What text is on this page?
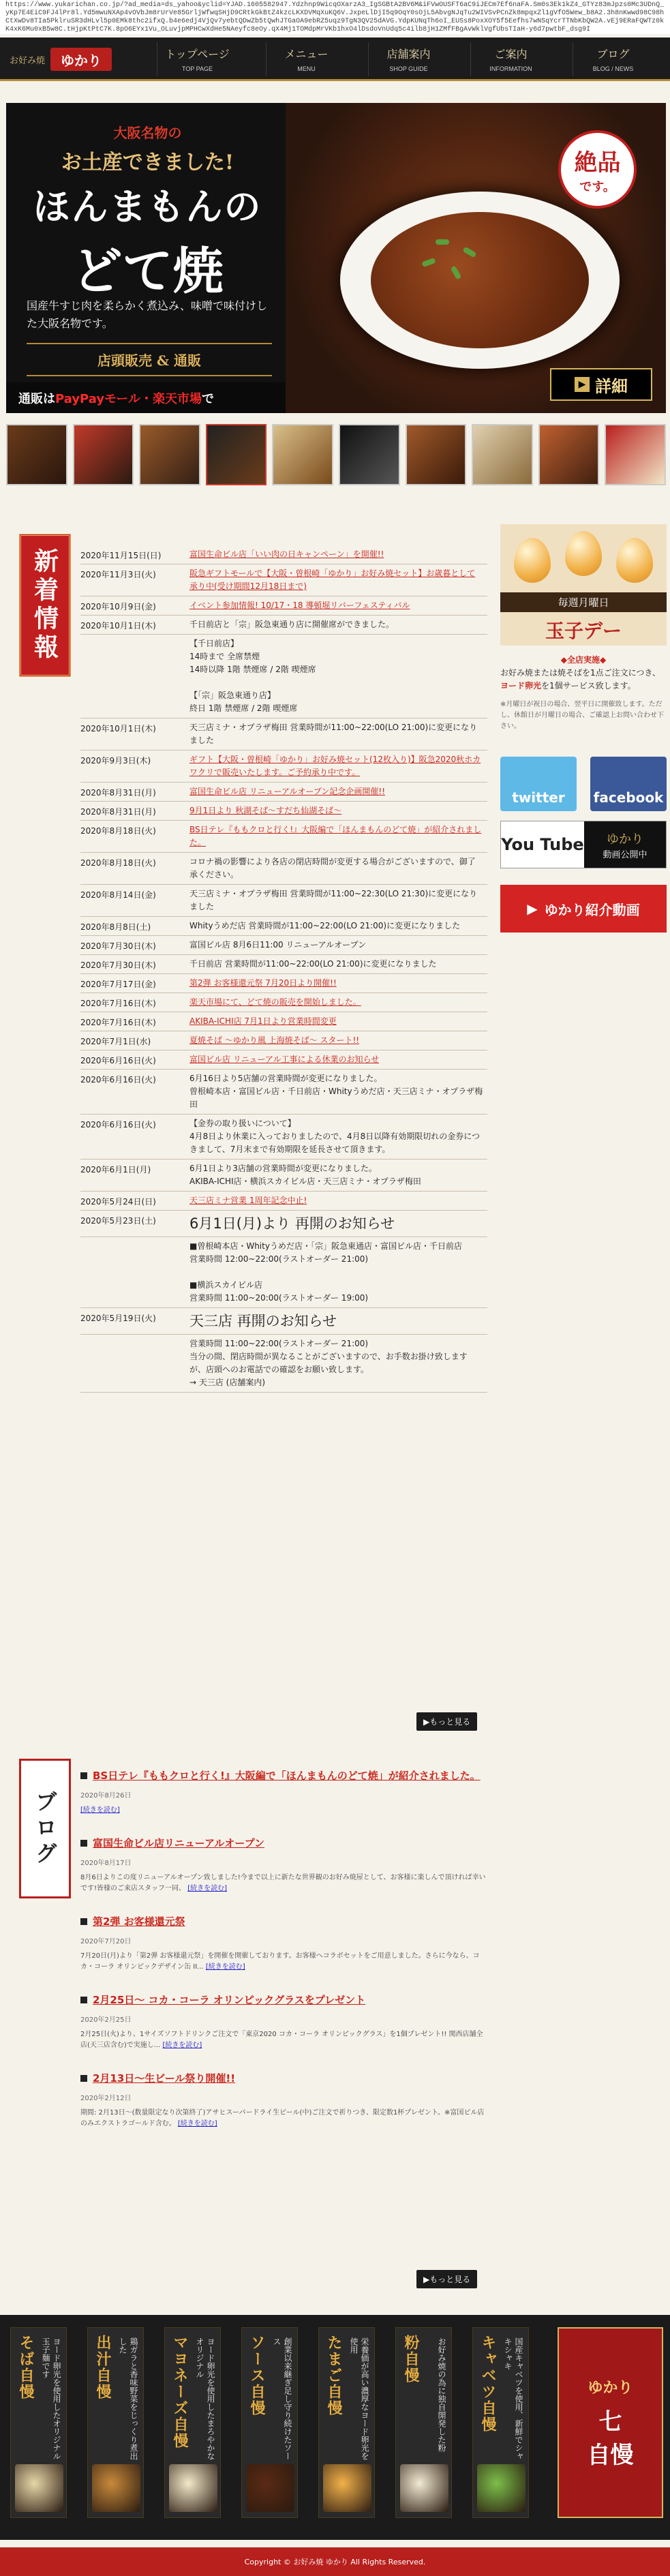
https://www.yukarichan.co.jp/?ad_media=ds_yahoo&yclid=YJAD.1605582947.Ydzhnp9WicqOXarzA3_IgSGBtA2BV6M&iFVwOUSFT6aC9iJECm7Ef6naFA.Sm0s3Ek1kZ4_GTYz83mJpzs0Mc3UDnQ_yKp7E4EiC9FJ4lPr8l.Yd5mwuNXAp4vOVbJm8rUrVe85GrljWfwqSHjD9CRtkGkBtZ4kzcLKXDVMqXuKQ6V.JxpeLlDjI5q9OqY0sOjL5AbvgNJqTu2WIVSvPCnZk8mpqxZl1gVfO5Wew_b8A2.3h8nKwwd98C98hCtXwDv8TIa5PklruSR3dHLvl5p0EMk8thc2ifxQ.b4e6edj4VjQv7yebtQDwZb5tQwhJTGaOA9ebRZ5uqz9TgN3QV25dAVG.YdpKUNqTh6oI_EUSs8PoxXOY5f5Eefhs7wNSqYcrTTNbKbQW2A.vEj9ERaFQWTz0kK4xK6Mu0xB5w8C.tHjpKtPtC7K.8pO6EYx1Vu_OLuvjpMPHCwXdHe5NAeyfc8eOy.qX4Mj1TOMdpMrVKb1hxO4lDsdoVnUdq5c4ilb8jH1ZMfFBgAvWklVgfUbsTIaH-y6d7pwtbF_dsg9I
お好み焼	ゆかり	トップページ
TOP PAGE
メニュー
MENU
店舗案内
SHOP GUIDE
ご案内
INFORMATION
ブログ
BLOG / NEWS
大阪名物の
お土産できました!
ほんまもんの
どて焼
国産牛すじ肉を柔らかく煮込み、味噌で味付けした大阪名物です。
店頭販売 & 通販
通販はPayPayモール・楽天市場で
絶品
です。
▶ 詳細
新着情報	2020年11月15日(日)	富国生命ビル店「いい肉の日キャンペーン」を開催!!
2020年11月3日(火)	阪急ギフトモールで【大阪・曽根崎「ゆかり」お好み焼セット】お歳暮として承り中(受け期間12月18日まで)
2020年10月9日(金)	イベント参加情報! 10/17・18 導頓堀リバーフェスティバル
2020年10月1日(木)	千日前店と「宗」阪急東通り店に開催席ができました。
【千日前店】
14時まで 全席禁煙
14時以降 1階 禁煙席 / 2階 喫煙席

【「宗」阪急東通り店】
終日 1階 禁煙席 / 2階 喫煙席
2020年10月1日(木)	天三店ミナ・オプラザ梅田 営業時間が11:00~22:00(LO 21:00)に変更になりました
2020年9月3日(木)	ギフト【大阪・曽根崎「ゆかり」お好み焼セット(12枚入り)】阪急2020秋ホカワクリで販売いたします。ご予約承り中です。
2020年8月31日(月)	富国生命ビル店 リニューアルオープン記念企画開催!!
2020年8月31日(月)	9月1日より 秋湖そば～すだち仙湖そば～
2020年8月18日(火)	BS日テレ『ももクロと行く!』大阪編で「ほんまもんのどて焼」が紹介されました。
2020年8月18日(火)	コロナ禍の影響により各店の閉店時間が変更する場合がございますので、御了承ください。
2020年8月14日(金)	天三店ミナ・オプラザ梅田 営業時間が11:00~22:30(LO 21:30)に変更になりました
2020年8月8日(土)	Whityうめだ店 営業時間が11:00~22:00(LO 21:00)に変更になりました
2020年7月30日(木)	富国ビル店 8月6日11:00 リニューアルオープン
2020年7月30日(木)	千日前店 営業時間が11:00~22:00(LO 21:00)に変更になりました
2020年7月17日(金)	第2弾 お客様還元祭 7月20日より開催!!
2020年7月16日(木)	楽天市場にて、どて焼の販売を開始しました。
2020年7月16日(木)	AKIBA-ICHI店 7月1日より営業時間変更
2020年7月1日(水)	夏焼そば ～ゆかり風 上海焼そば～ スタート!!
2020年6月16日(火)	富国ビル店 リニューアル工事による休業のお知らせ
2020年6月16日(火)	6月16日より5店舗の営業時間が変更になりました。
曽根崎本店・富国ビル店・千日前店・Whityうめだ店・天三店ミナ・オプラザ梅田
2020年6月16日(火)	【金券の取り扱いについて】
4月8日より休業に入っておりましたので、4月8日以降有効期限切れの金券につきまして、7月末まで有効期限を延長させて頂きます。
2020年6月1日(月)	6月1日より3店舗の営業時間が変更になりました。
AKIBA-ICHI店・横浜スカイビル店・天三店ミナ・オプラザ梅田
2020年5月24日(日)	天三店ミナ営業 1周年記念中止!
2020年5月23日(土)	6月1日(月)より 再開のお知らせ
■曽根崎本店・Whityうめだ店・「宗」阪急東通店・富国ビル店・千日前店
営業時間 12:00~22:00(ラストオーダー 21:00)

■横浜スカイビル店
営業時間 11:00~20:00(ラストオーダー 19:00)
2020年5月19日(火)	天三店 再開のお知らせ
営業時間 11:00~22:00(ラストオーダー 21:00)
当分の間、閉店時間が異なることがございますので、お手数お掛け致しますが、店頭へのお電話での確認をお願い致します。
→ 天三店 (店舗案内)
▶もっと見る
毎週月曜日
玉子デー
◆全店実施◆
お好み焼または焼そばを1点ご注文につき、ヨード卵光を1個サービス致します。
※月曜日が祝日の場合、翌平日に開催致します。ただし、休館日が月曜日の場合、ご確認上お問い合わせ下さい。
twitter facebook
You Tube ゆかり
動画公開中
▶ ゆかり紹介動画
ブログ
BS日テレ『ももクロと行く!』大阪編で「ほんまもんのどて焼」が紹介されました。
2020年8月26日
[続きを読む]
富国生命ビル店リニューアルオープン
2020年8月17日
8月6日よりこの度リニューアルオープン致しました!今まで以上に新たな世界観のお好み焼屋として、お客様に楽しんで頂ければ幸いです!皆様のご来店スタッフ一同、 [続きを読む]
第2弾 お客様還元祭
2020年7月20日
7月20日(月)より「第2弾 お客様還元祭」を開催を開催しております。お客様へコラボセットをご用意しました。さらに今なら、コカ・コーラ オリンピックデザイン缶 II... [続きを読む]
2月25日～ コカ・コーラ オリンピックグラスをプレゼント
2020年2月25日
2月25日(火)より、1サイズソフトドリンクご注文で「東京2020 コカ・コーラ オリンピックグラス」を1個プレゼント!! 関西店舗全店(天三店含む)で実施し... [続きを読む]
2月13日～生ビール祭り開催!!
2020年2月12日
期間: 2月13日～(数量限定なり次第終了)アサヒスーパードライ生ビール(中)ご注文で祈りつき、限定数1杯プレゼント。※富国ビル店のみエクストラゴールド含む。 [続きを読む]
▶もっと見る
そば自慢	ヨード卵光を使用したオリジナル玉子麺です	出汁自慢	鶏ガラと香味野菜をじっくり煮出した	マヨネーズ自慢	ヨード卵光を使用したまろやかなオリジナル	ソース自慢	創業以来継ぎ足し守り続けたソース	たまご自慢	栄養価が高い濃厚なヨード卵光を使用	粉自慢	お好み焼の為に独自開発した粉 キャベツ自慢	国産キャベツを使用、新鮮でシャキシャキ
ゆかり
七
自慢
Copyright © お好み焼 ゆかり All Rights Reserved.
